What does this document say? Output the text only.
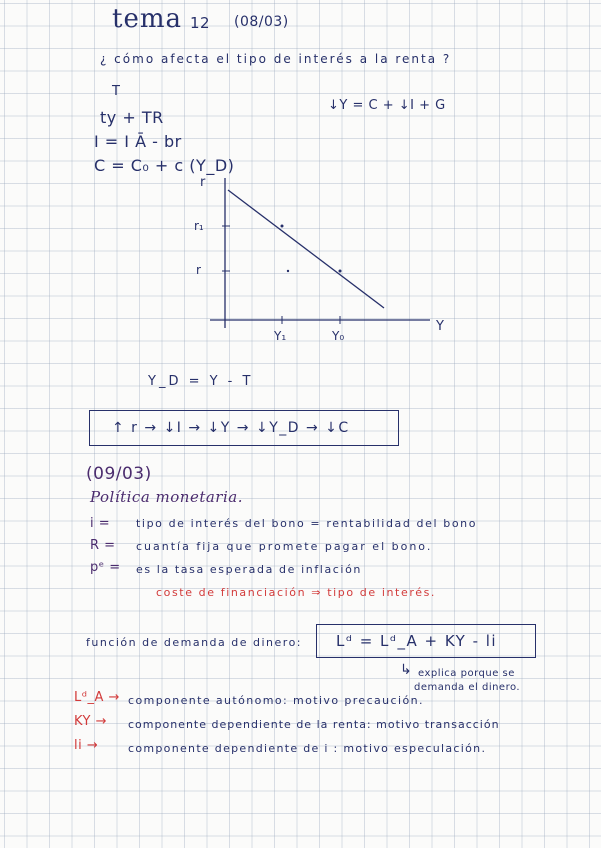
tema 12 (08/03)
¿ cómo afecta el tipo de interés a la renta ?
T
ty + TR
I = I Ā - br
C = C₀ + c (Y_D)
↓Y = C + ↓I + G
r
r₁
r
Y
Y₁	Y₀
Y_D = Y - T
↑ r → ↓I → ↓Y → ↓Y_D → ↓C
(09/03)
Política monetaria.
i = tipo de interés del bono = rentabilidad del bono
R = cuantía fija que promete pagar el bono.
pᵉ = es la tasa esperada de inflación
coste de financiación ⇒ tipo de interés.
función de demanda de dinero: Lᵈ = Lᵈ_A + KY - li
↳ explica porque se
demanda el dinero.
Lᵈ_A → componente autónomo: motivo precaución.
KY → componente dependiente de la renta: motivo transacción
li →	componente dependiente de i : motivo especulación.
